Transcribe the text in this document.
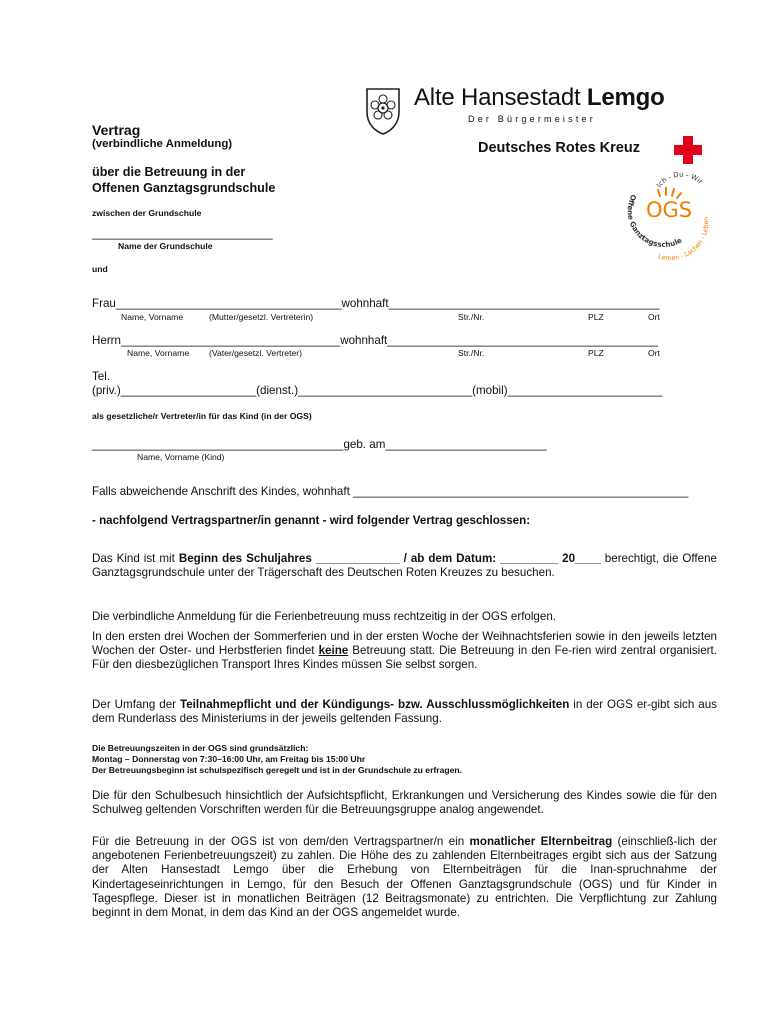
Alte Hansestadt Lemgo
Der Bürgermeister
Deutsches Rotes Kreuz
Ich - Du - Wir
Offene Ganztagsschule
Lernen - Lachen - Leben
OGS
Vertrag
(verbindliche Anmeldung)
über die Betreuung in der
Offenen Ganztagsgrundschule
zwischen der Grundschule
____________________________
Name der Grundschule
und
Frau___________________________________wohnhaft__________________________________________
Name, Vorname	(Mutter/gesetzl. Vertreterin)	Str./Nr.	PLZ	Ort
Herrn__________________________________wohnhaft__________________________________________
Name, Vorname (Vater/gesetzl. Vertreter)	Str./Nr.	PLZ	Ort
Tel.
(priv.)_____________________(dienst.)___________________________(mobil)________________________
als gesetzliche/r Vertreter/in für das Kind (in der OGS)
_______________________________________geb. am_________________________
Name, Vorname (Kind)
Falls abweichende Anschrift des Kindes, wohnhaft ____________________________________________________
- nachfolgend Vertragspartner/in genannt - wird folgender Vertrag geschlossen:
Das Kind ist mit Beginn des Schuljahres _____________ / ab dem Datum: _________ 20____ berechtigt, die Offene Ganztagsgrundschule unter der Trägerschaft des Deutschen Roten Kreuzes zu besuchen.
Die verbindliche Anmeldung für die Ferienbetreuung muss rechtzeitig in der OGS erfolgen.
In den ersten drei Wochen der Sommerferien und in der ersten Woche der Weihnachtsferien sowie in den jeweils letzten Wochen der Oster- und Herbstferien findet keine Betreuung statt. Die Betreuung in den Fe-rien wird zentral organisiert. Für den diesbezüglichen Transport Ihres Kindes müssen Sie selbst sorgen.
Der Umfang der Teilnahmepflicht und der Kündigungs- bzw. Ausschlussmöglichkeiten in der OGS er-gibt sich aus dem Runderlass des Ministeriums in der jeweils geltenden Fassung.
Die Betreuungszeiten in der OGS sind grundsätzlich:
Montag – Donnerstag von 7:30–16:00 Uhr, am Freitag bis 15:00 Uhr
Der Betreuungsbeginn ist schulspezifisch geregelt und ist in der Grundschule zu erfragen.
Die für den Schulbesuch hinsichtlich der Aufsichtspflicht, Erkrankungen und Versicherung des Kindes sowie die für den Schulweg geltenden Vorschriften werden für die Betreuungsgruppe analog angewendet.
Für die Betreuung in der OGS ist von dem/den Vertragspartner/n ein monatlicher Elternbeitrag (einschließ-lich der angebotenen Ferienbetreuungszeit) zu zahlen. Die Höhe des zu zahlenden Elternbeitrages ergibt sich aus der Satzung der Alten Hansestadt Lemgo über die Erhebung von Elternbeiträgen für die Inan-spruchnahme der Kindertageseinrichtungen in Lemgo, für den Besuch der Offenen Ganztagsgrundschule (OGS) und für Kinder in Tagespflege. Dieser ist in monatlichen Beiträgen (12 Beitragsmonate) zu entrichten. Die Verpflichtung zur Zahlung beginnt in dem Monat, in dem das Kind an der OGS angemeldet wurde.
